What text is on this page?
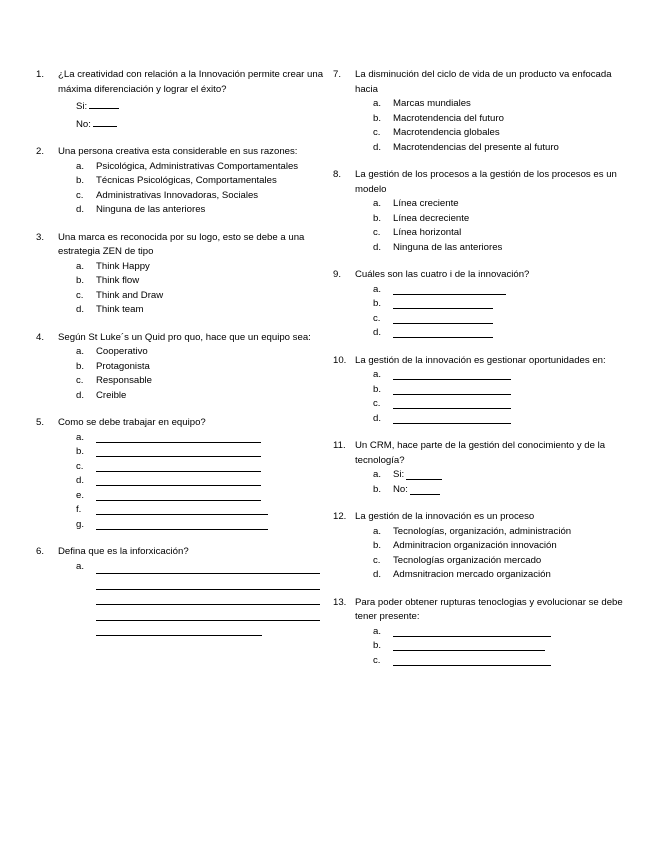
1.	¿La creatividad con relación a la Innovación permite crear una máxima diferenciación y lograr el éxito?
Si:
No:
2.	Una persona creativa esta considerable en sus razones:
a.	Psicológica, Administrativas Comportamentales
b.	Técnicas Psicológicas, Comportamentales
c.	Administrativas Innovadoras, Sociales
d.	Ninguna de las anteriores
3.	Una marca es reconocida por su logo, esto se debe a una estrategia ZEN de tipo
a.	Think Happy
b.	Think flow
c.	Think and Draw
d.	Think team
4.	Según St Luke´s un Quid pro quo, hace que un equipo sea:
a.	Cooperativo
b.	Protagonista
c.	Responsable
d.	Creible
5.	Como se debe trabajar en equipo?
a.
b.
c.
d.
e.
f.
g.
6.	Defina que es la inforxicación?
a.
7.	La disminución del ciclo de vida de un producto va enfocada hacia
a.	Marcas mundiales
b.	Macrotendencia del futuro
c.	Macrotendencia globales
d.	Macrotendencias del presente al futuro
8.	La gestión de los procesos a la gestión de los procesos es un modelo
a.	Línea creciente
b.	Línea decreciente
c.	Línea horizontal
d.	Ninguna de las anteriores
9.	Cuáles son las cuatro i de la innovación?
a.
b.
c.
d.
10. La gestión de la innovación es gestionar oportunidades en:
a.
b.
c.
d.
11. Un CRM, hace parte de la gestión del conocimiento y de la tecnología?
a.	Si:
b.	No:
12. La gestión de la innovación es un proceso
a.	Tecnologías, organización, administración
b.	Adminitracion organización innovación
c.	Tecnologías organización mercado
d.	Admsnitracion mercado organización
13. Para poder obtener rupturas tenoclogias y evolucionar se debe tener presente:
a.
b.
c.
